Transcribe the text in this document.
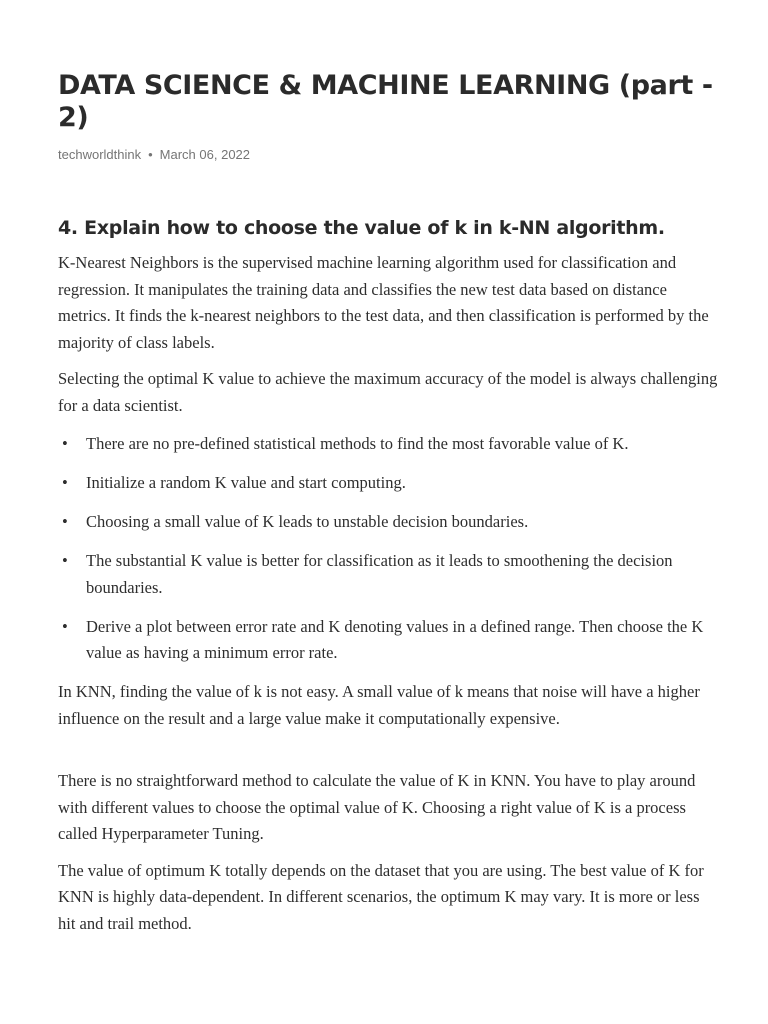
DATA SCIENCE & MACHINE LEARNING (part - 2)
techworldthink • March 06, 2022
4. Explain how to choose the value of k in k-NN algorithm.

K-Nearest Neighbors is the supervised machine learning algorithm used for classification and regression. It manipulates the training data and classifies the new test data based on distance metrics. It finds the k-nearest neighbors to the test data, and then classification is performed by the majority of class labels.

Selecting the optimal K value to achieve the maximum accuracy of the model is always challenging for a data scientist.

• There are no pre-defined statistical methods to find the most favorable value of K.
• Initialize a random K value and start computing.
• Choosing a small value of K leads to unstable decision boundaries.
• The substantial K value is better for classification as it leads to smoothening the decision boundaries.
• Derive a plot between error rate and K denoting values in a defined range. Then choose the K value as having a minimum error rate.

In KNN, finding the value of k is not easy. A small value of k means that noise will have a higher influence on the result and a large value make it computationally expensive.

There is no straightforward method to calculate the value of K in KNN. You have to play around with different values to choose the optimal value of K. Choosing a right value of K is a process called Hyperparameter Tuning.

The value of optimum K totally depends on the dataset that you are using. The best value of K for KNN is highly data-dependent. In different scenarios, the optimum K may vary. It is more or less hit and trail method.
